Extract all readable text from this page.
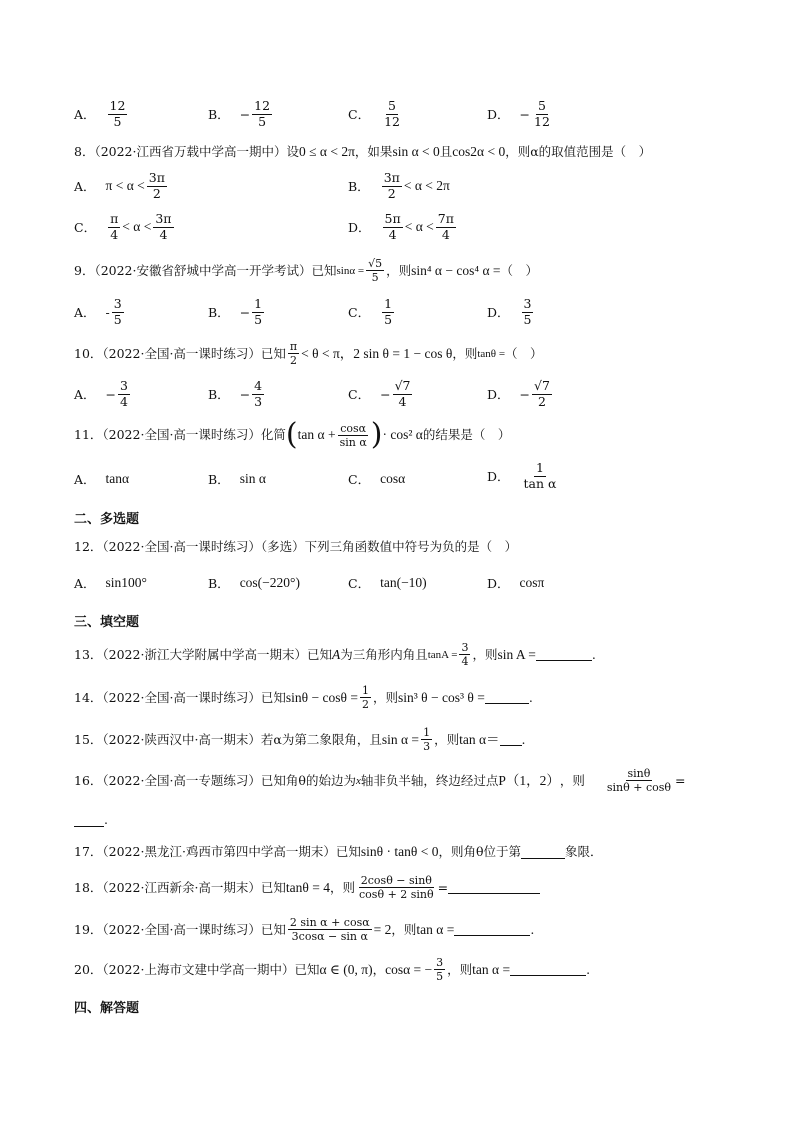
A． $\frac{12}{5}$	B． − $\frac{12}{5}$	C． $\frac{5}{12}$	D． − $\frac{5}{12}$
8．（2022·江西省万载中学高一期中）设0 ≤ α < 2π，如果sin α < 0且cos2α < 0，则α的取值范围是（　）
A． $\pi < \alpha < \frac{3\pi}{2}$	B． $\frac{3\pi}{2} < \alpha < 2\pi$
C． $\frac{\pi}{4} < \alpha < \frac{3\pi}{4}$	D． $\frac{5\pi}{4} < \alpha < \frac{7\pi}{4}$
9．（2022·安徽省舒城中学高一开学考试）已知 $\sin\alpha = \frac{√5}{5}$ ，则 sin⁴ α − cos⁴ α = （　）
A． - $\frac{3}{5}$	B． − $\frac{1}{5}$	C． $\frac{1}{5}$	D． $\frac{3}{5}$
10．（2022·全国·高一课时练习）已知 $\frac{\pi}{2} < \theta < \pi$ ，2 sin θ = 1 − cos θ ，则 tanθ = （　）
A． − $\frac{3}{4}$	B． − $\frac{4}{3}$	C． − $\frac{√7}{4}$	D． − $\frac{√7}{2}$
11．（2022·全国·高一课时练习）化简 ( $\tan \alpha + \frac{\cos\alpha}{\text{sin α}}$ ) · cos² α 的结果是（　）
A． tanα	B． sin α	C． cosα	D． $\frac{1}{\text{tan α}}$
二、多选题
12．（2022·全国·高一课时练习）（多选）下列三角函数值中符号为负的是（　）
A． sin100°	B． cos(−220°)	C． tan(−10)	D． cosπ
三、填空题
13．（2022·浙江大学附属中学高一期末）已知 A 为三角形内角且 $\tan A = \frac{3}{4}$ ，则 sin A =	.
14．（2022·全国·高一课时练习）已知 $\sin\theta - \cos\theta = \frac{1}{2}$ ，则 sin³ θ − cos³ θ =	.
15．（2022·陕西汉中·高一期末）若α为第二象限角，且 $\sin \alpha = \frac{1}{3}$ ，则 tan α＝ .
16．（2022·全国·高一专题练习）已知角θ的始边为 x 轴非负半轴，终边经过点 P（1，2） ，则 $\frac{\sin\theta}{\sin\theta + \cos\theta}$ =
.
17．（2022·黑龙江·鸡西市第四中学高一期末）已知 sinθ · tanθ < 0 ，则角θ位于第	象限．
18．（2022·江西新余·高一期末）已知 tanθ = 4 ，则 $\frac{2\cos\theta - \sin\theta}{\cos\theta + 2 \sin\theta}$ =
19．（2022·全国·高一课时练习）已知 $\frac{\text{2 sin α + cosα}}{\text{3cosα − sin α}} = 2$ ，则 tan α =	.
20．（2022·上海市文建中学高一期中）已知 α ∈ (0, π) ， cosα = − $\frac{3}{5}$ ，则 tan α =	.
四、解答题
